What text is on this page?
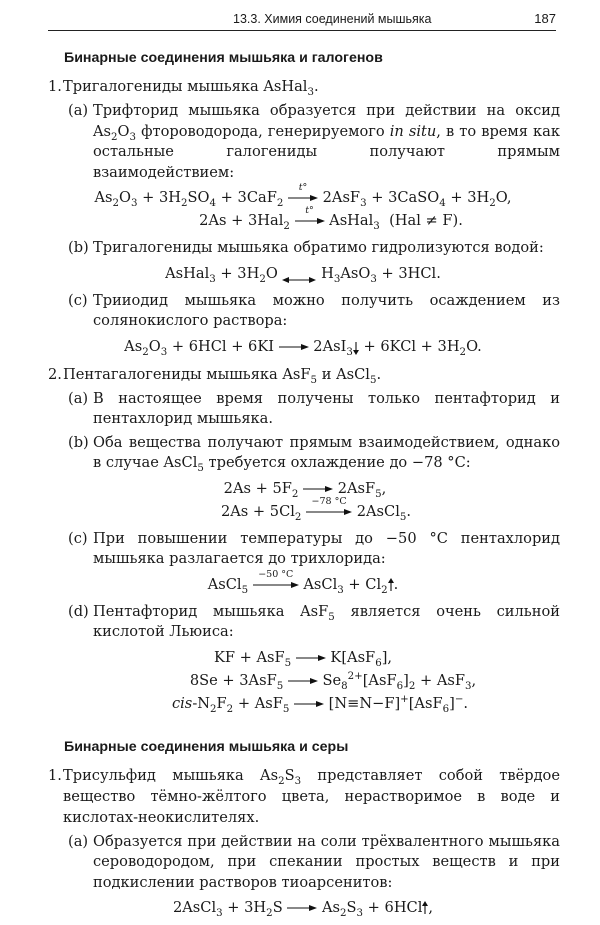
13.3. Химия соединений мышьяка	187
Бинарные соединения мышьяка и галогенов
1. Тригалогениды мышьяка AsHal$_3$.
(a) Трифторид мышьяка образуется при действии на оксид $As_2O_3$ фтороводорода, генерируемого in situ, в то время как остальные галогениды получают прямым взаимодействием:
$As_2O_3 + 3H_2SO_4 + 3CaF_2$
t°
2AsF$_3$ + 3CaSO$_4$ + $3H_2O$,
2As + 3Hal$_2$
t°
AsHal$_3$  (Hal ≠ F).
(b) Тригалогениды мышьяка обратимо гидролизуются водой:
AsHal$_3$ + $3H_2O$  $H_3AsO_3 + 3HCl$.
(c) Трииодид мышьяка можно получить осаждением из солянокислого раствора:
$As_2O_3 + 6HCl + 6KI \to 2AsI_3 + 6KCl + 3H_2O$.
2. Пентагалогениды мышьяка AsF$_5$ и AsCl$_5$.
(a) В настоящее время получены только пентафторид и пентахлорид мышьяка.
(b) Оба вещества получают прямым взаимодействием, однако в случае AsCl$_5$ требуется охлаждение до −78 °C:
$2As + 5F_2 \to 2AsF_5$,
$2As + 5Cl_2$
−78 °C
2AsCl$_5$.
(c) При повышении температуры до −50 °C пентахлорид мышьяка разлагается до трихлорида:
AsCl$_5$
−50 °C
AsCl$_3$ + $Cl_2$ .
(d) Пентафторид мышьяка AsF$_5$ является очень сильной кислотой Льюиса:
KF + AsF$_5$ → K[AsF$_6$],
$8Se + 3AsF_5 \to Se_8^{2+}[AsF_6]_2 + AsF_3$,
cis-$N_2F_2 + AsF_5 \to [N\equiv N-F]^+[AsF_6]^-$.
Бинарные соединения мышьяка и серы
1. Трисульфид мышьяка $As_2S_3$ представляет собой твёрдое вещество тёмно-жёлтого цвета, нерастворимое в воде и кислотах-неокислителях.
(a) Образуется при действии на соли трёхвалентного мышьяка сероводородом, при спекании простых веществ и при подкислении растворов тиоарсенитов:
2AsCl$_3$ + $3H_2S \to As_2S_3 + 6HCl$ ,
